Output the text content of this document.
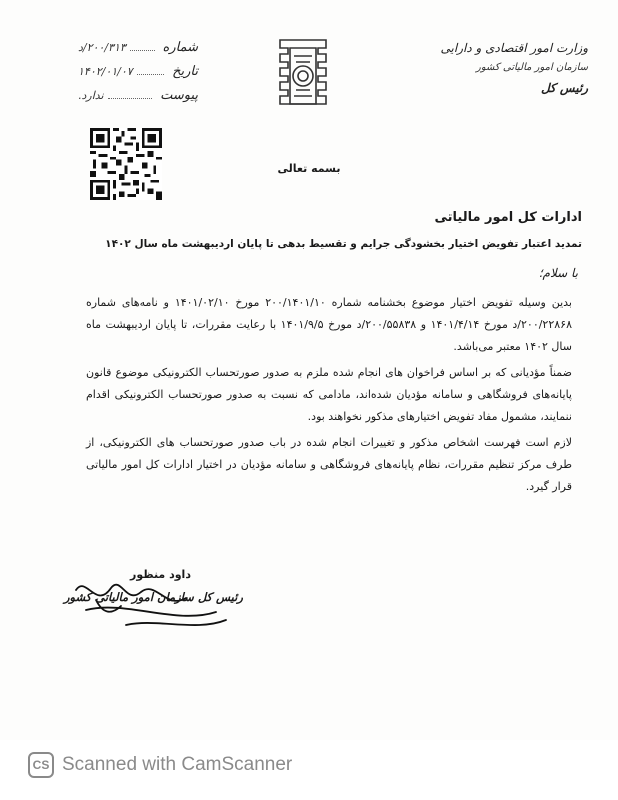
شماره
۲۰۰/۳۱۳/د
تاریخ
۱۴۰۲/۰۱/۰۷
پیوست
ندارد.
وزارت امور اقتصادی و دارایی
سازمان امور مالیاتی کشور
رئیس کل
بسمه تعالی
ادارات کل امور مالیاتی
تمدید اعتبار تفویض اختیار بخشودگی جرایم و تقسیط بدهی تا پایان اردیبهشت ماه سال ۱۴۰۲
با سلام؛

بدین وسیله تفویض اختیار موضوع بخشنامه شماره ۲۰۰/۱۴۰۱/۱۰ مورخ ۱۴۰۱/۰۲/۱۰ و نامه‌های شماره ۲۰۰/۲۲۸۶۸/د مورخ ۱۴۰۱/۴/۱۴ و ۲۰۰/۵۵۸۳۸/د مورخ ۱۴۰۱/۹/۵ با رعایت مقررات، تا پایان اردیبهشت ماه سال ۱۴۰۲ معتبر می‌باشد.

ضمناً مؤدیانی که بر اساس فراخوان های انجام شده ملزم به صدور صورتحساب الکترونیکی موضوع قانون پایانه‌های فروشگاهی و سامانه مؤدیان شده‌اند، مادامی که نسبت به صدور صورتحساب الکترونیکی اقدام ننمایند، مشمول مفاد تفویض اختیارهای مذکور نخواهند بود.

لازم است فهرست اشخاص مذکور و تغییرات انجام شده در باب صدور صورتحساب های الکترونیکی، از طرف مرکز تنظیم مقررات، نظام پایانه‌های فروشگاهی و سامانه مؤدیان در اختیار ادارات کل امور مالیاتی قرار گیرد.

داود منظور
رئیس کل سازمان امور مالیاتی کشور
CS Scanned with CamScanner
